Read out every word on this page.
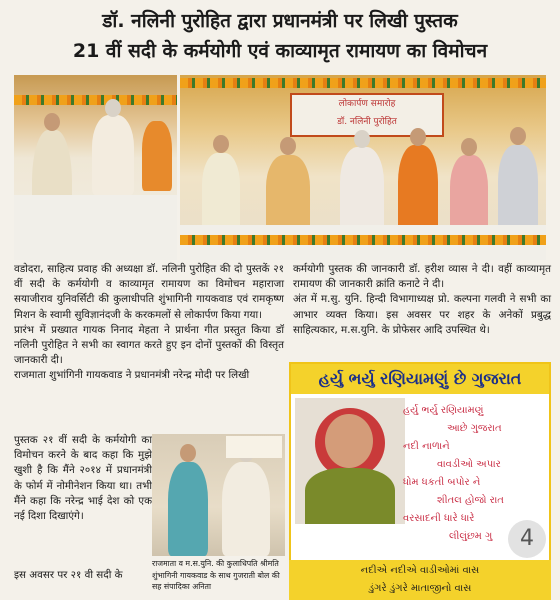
डॉ. नलिनी पुरोहित द्वारा प्रधानमंत्री पर लिखी पुस्तक
21 वीं सदी के कर्मयोगी एवं काव्यामृत रामायण का विमोचन
लोकार्पण समारोह
डॉ. नलिनी पुरोहित
वडोदरा, साहित्य प्रवाह की अध्यक्षा डॉ. नलिनी पुरोहित की दो पुस्तकें २१ वीं सदी के कर्मयोगी व काव्यामृत रामायण का विमोचन महाराजा सयाजीराव युनिवर्सिटी की कुलाधीपति शुंभागिनी गायकवाड एवं रामकृष्ण मिशन के स्वामी सुविज्ञानंदजी के करकमलों से लोकार्पण किया गया।
प्रारंभ में प्रख्यात गायक निनाद मेहता ने प्रार्थना गीत प्रस्तुत किया डॉ नलिनी पुरोहित ने सभी का स्वागत करते हुए इन दोनों पुस्तकों की विस्तृत जानकारी दी।
राजमाता शुभांगिनी गायकवाड ने प्रधानमंत्री नरेन्द्र मोदी पर लिखी
कर्मयोगी पुस्तक की जानकारी डॉ. हरीश व्यास ने दी। वहीं काव्यामृत रामायण की जानकारी क्रांति कनाटे ने दी।
अंत में म.सु. युनि. हिन्दी विभागाध्यक्ष प्रो. कल्पना गलवी ने सभी का आभार व्यक्त किया। इस अवसर पर शहर के अनेकों प्रबुद्ध साहित्यकार, म.स.युनि. के प्रोफेसर आदि उपस्थित थे।
पुस्तक २१ वीं सदी के कर्मयोगी का विमोचन करने के बाद कहा कि मुझे खुशी है कि मैंने २०१४ में प्रधानमंत्री के फोर्म में नोमीनेशन किया था। तभी मैंने कहा कि नरेन्द्र भाई देश को एक नई दिशा दिखाएंगे।
इस अवसर पर २१ वी सदी के
राजमाता व म.स.युनि. की कुलाधिपति श्रीमति शुंभागिनी गायकवाड के साथ गुजराती बोल की सह संपादिका अनिता
હર્યુ ભર્યુ રણિયામણું છે ગુજરાત
હર્યુ ભર્યુ રણિયામણું
આછે ગુજરાત
નદી નાળાને
વાવડીઓ અપાર
ધોમ ધકતી બપોર ને
શીતલ હોજો રાત
વરસાદની ધારે ધારે
લીલુંછમ ગુ
નદીએ નદીએ વાડીઓમાં વાસ
ડુંગરે ડુંગરે માતાજીનો વાસ
4
